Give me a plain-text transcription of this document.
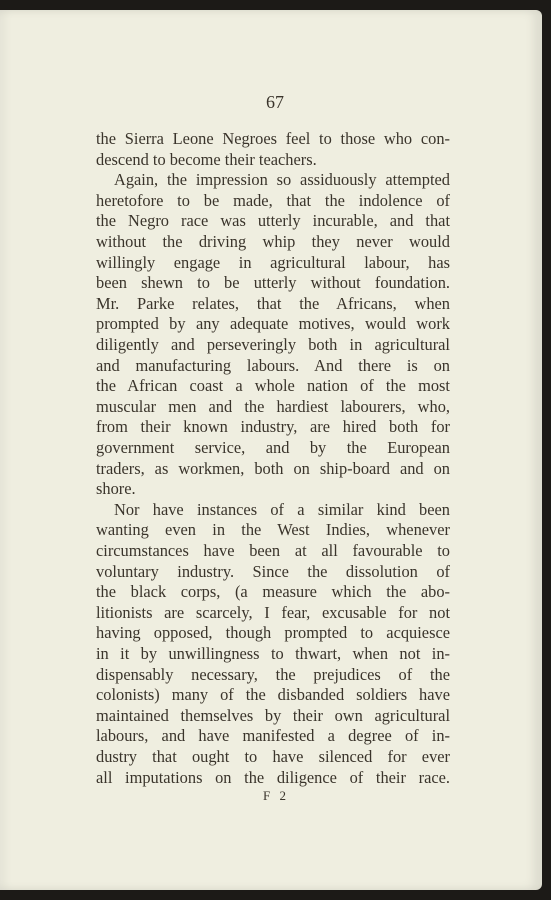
67
the Sierra Leone Negroes feel to those who con-
descend to become their teachers.
Again, the impression so assiduously attempted
heretofore to be made, that the indolence of
the Negro race was utterly incurable, and that
without the driving whip they never would
willingly engage in agricultural labour, has
been shewn to be utterly without foundation.
Mr. Parke relates, that the Africans, when
prompted by any adequate motives, would work
diligently and perseveringly both in agricultural
and manufacturing labours. And there is on
the African coast a whole nation of the most
muscular men and the hardiest labourers, who,
from their known industry, are hired both for
government service, and by the European
traders, as workmen, both on ship-board and on
shore.
Nor have instances of a similar kind been
wanting even in the West Indies, whenever
circumstances have been at all favourable to
voluntary industry. Since the dissolution of
the black corps, (a measure which the abo-
litionists are scarcely, I fear, excusable for not
having opposed, though prompted to acquiesce
in it by unwillingness to thwart, when not in-
dispensably necessary, the prejudices of the
colonists) many of the disbanded soldiers have
maintained themselves by their own agricultural
labours, and have manifested a degree of in-
dustry that ought to have silenced for ever
all imputations on the diligence of their race.
F 2
